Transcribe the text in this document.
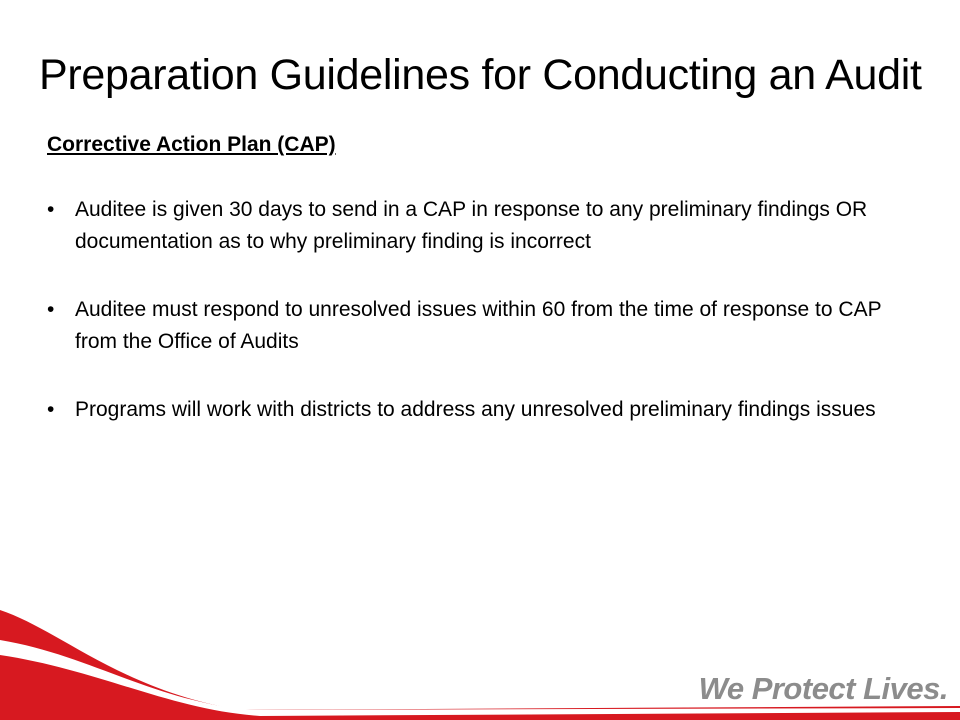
Preparation Guidelines for Conducting an Audit
Corrective Action Plan (CAP)
• Auditee is given 30 days to send in a CAP in response to any preliminary findings OR documentation as to why preliminary finding is incorrect
• Auditee must respond to unresolved issues within 60 from the time of response to CAP from the Office of Audits
• Programs will work with districts to address any unresolved preliminary findings issues
We Protect Lives.
